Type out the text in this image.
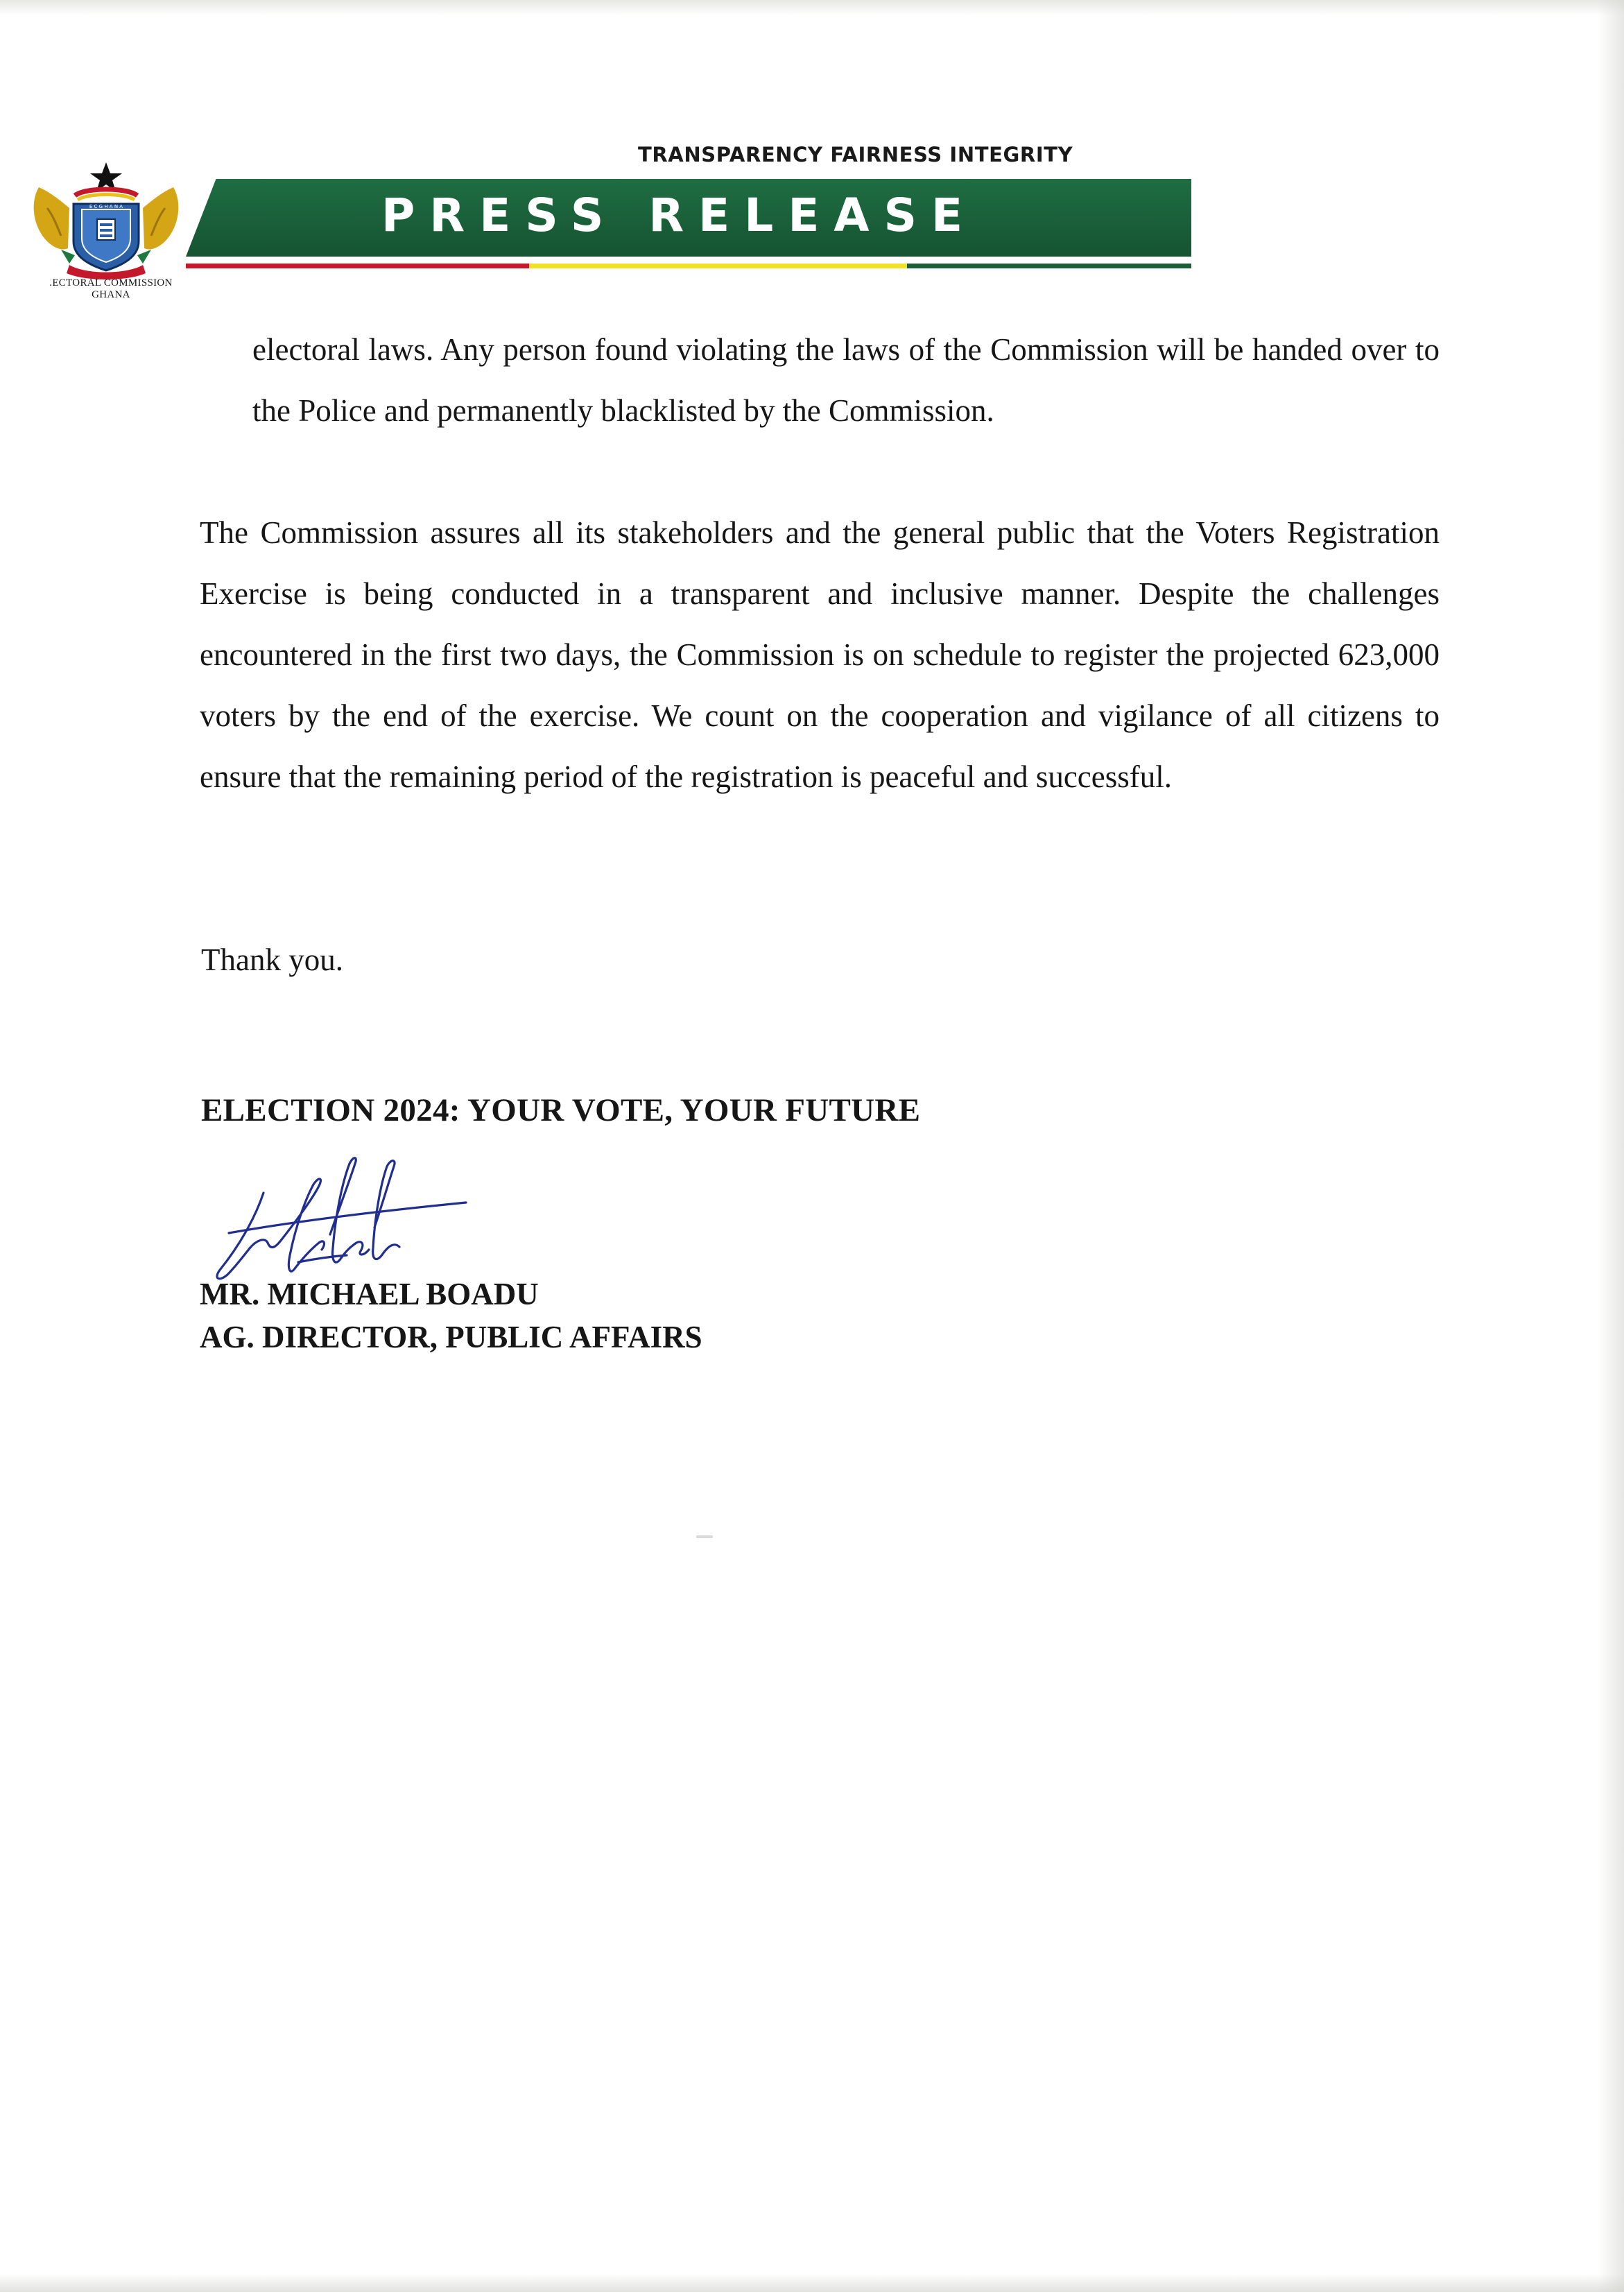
E C G H A N A
.ECTORAL COMMISSION
GHANA
TRANSPARENCY FAIRNESS INTEGRITY
PRESS RELEASE
electoral laws. Any person found violating the laws of the Commission will be handed over to the Police and permanently blacklisted by the Commission.
The Commission assures all its stakeholders and the general public that the Voters Registration Exercise is being conducted in a transparent and inclusive manner. Despite the challenges encountered in the first two days, the Commission is on schedule to register the projected 623,000 voters by the end of the exercise. We count on the cooperation and vigilance of all citizens to ensure that the remaining period of the registration is peaceful and successful.
Thank you.
ELECTION 2024: YOUR VOTE, YOUR FUTURE
MR. MICHAEL BOADU
AG. DIRECTOR, PUBLIC AFFAIRS
